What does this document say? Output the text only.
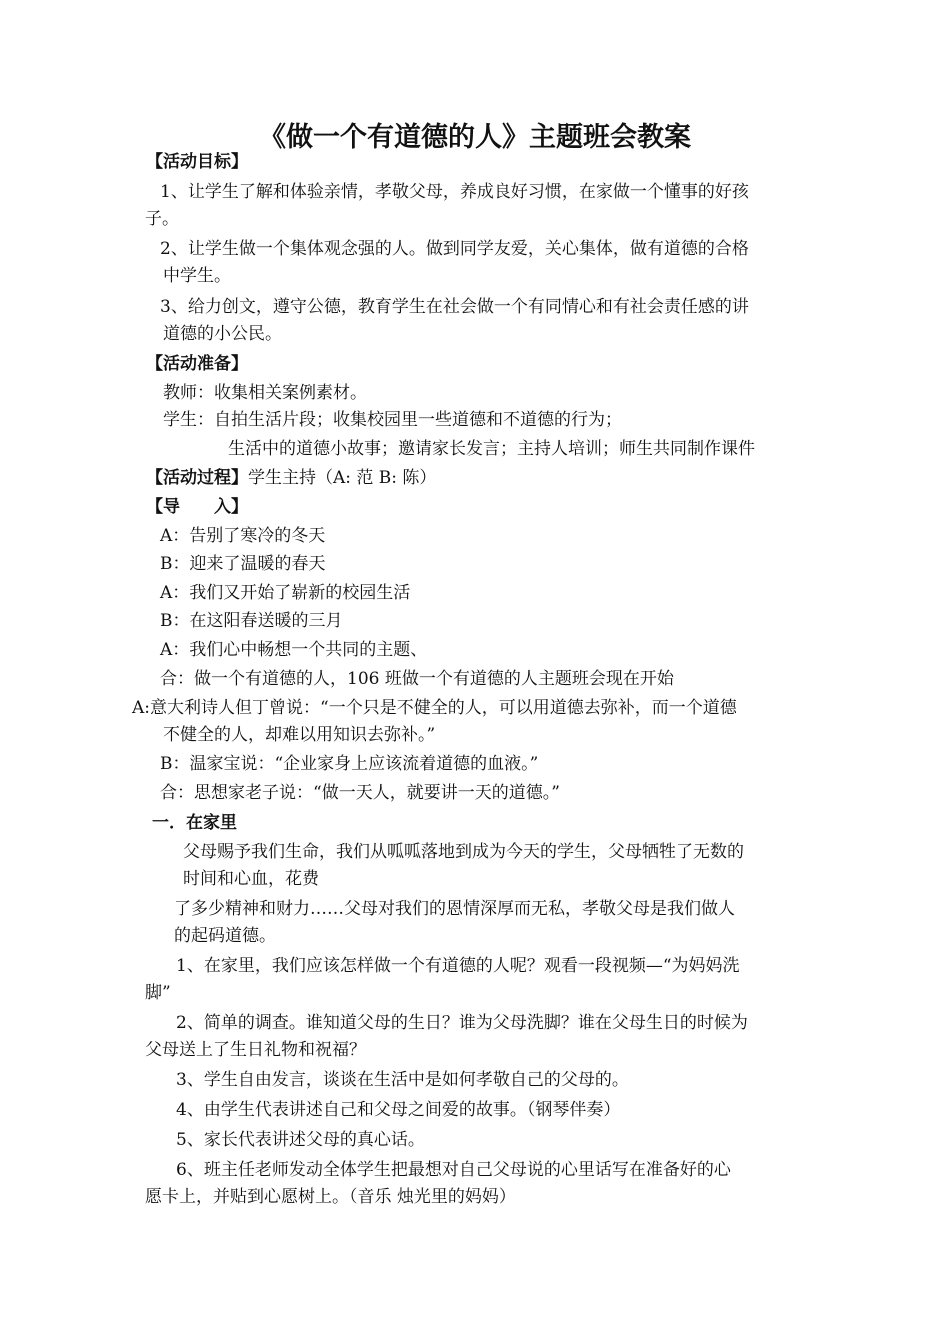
《做一个有道德的人》主题班会教案
【活动目标】
1、让学生了解和体验亲情，孝敬父母，养成良好习惯，在家做一个懂事的好孩
子。
2、让学生做一个集体观念强的人。做到同学友爱，关心集体，做有道德的合格
中学生。
3、给力创文，遵守公德，教育学生在社会做一个有同情心和有社会责任感的讲
道德的小公民。
【活动准备】
教师：收集相关案例素材。
学生：自拍生活片段；收集校园里一些道德和不道德的行为；
生活中的道德小故事；邀请家长发言；主持人培训；师生共同制作课件
【活动过程】学生主持（A: 范 B: 陈）
【导　　入】
A：告别了寒冷的冬天
B：迎来了温暖的春天
A：我们又开始了崭新的校园生活
B：在这阳春送暖的三月
A：我们心中畅想一个共同的主题、
合：做一个有道德的人，106 班做一个有道德的人主题班会现在开始
A:意大利诗人但丁曾说：“一个只是不健全的人，可以用道德去弥补，而一个道德
不健全的人，却难以用知识去弥补。”
B：温家宝说：“企业家身上应该流着道德的血液。”
合：思想家老子说：“做一天人，就要讲一天的道德。”
一．在家里
父母赐予我们生命，我们从呱呱落地到成为今天的学生，父母牺牲了无数的
时间和心血，花费
了多少精神和财力……父母对我们的恩情深厚而无私，孝敬父母是我们做人
的起码道德。
1、在家里，我们应该怎样做一个有道德的人呢？观看一段视频—“为妈妈洗
脚”
2、简单的调查。谁知道父母的生日？谁为父母洗脚？谁在父母生日的时候为
父母送上了生日礼物和祝福？
3、学生自由发言，谈谈在生活中是如何孝敬自己的父母的。
4、由学生代表讲述自己和父母之间爱的故事。（钢琴伴奏）
5、家长代表讲述父母的真心话。
6、班主任老师发动全体学生把最想对自己父母说的心里话写在准备好的心
愿卡上，并贴到心愿树上。（音乐 烛光里的妈妈）
